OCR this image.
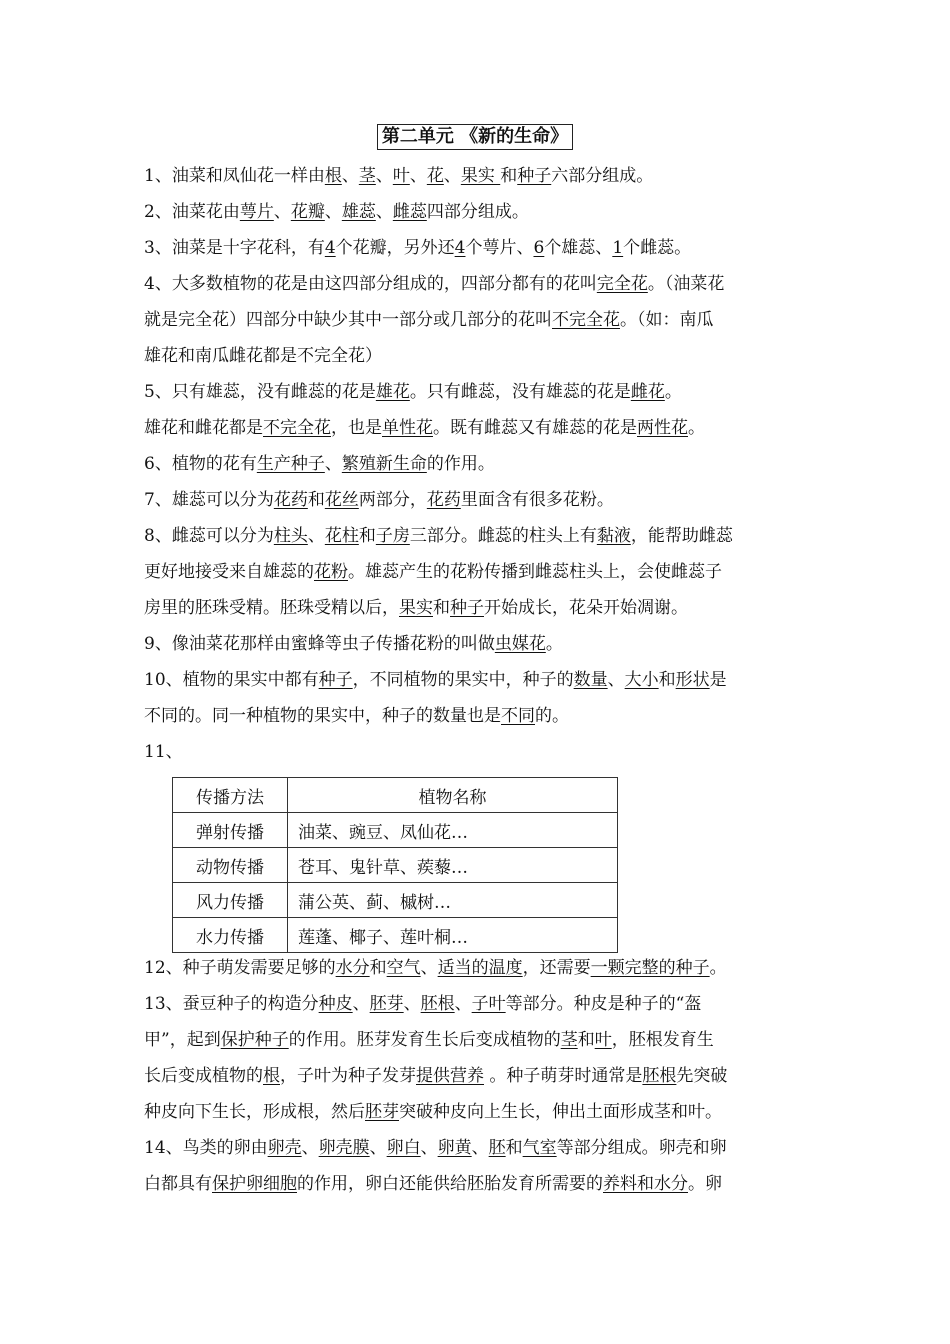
第二单元 《新的生命》
1、油菜和凤仙花一样由根、茎、叶、花、果实 和种子六部分组成。
2、油菜花由萼片、花瓣、雄蕊、雌蕊四部分组成。
3、油菜是十字花科，有4个花瓣，另外还4个萼片、6个雄蕊、1个雌蕊。
4、大多数植物的花是由这四部分组成的，四部分都有的花叫完全花。（油菜花
就是完全花）四部分中缺少其中一部分或几部分的花叫不完全花。（如：南瓜
雄花和南瓜雌花都是不完全花）
5、只有雄蕊，没有雌蕊的花是雄花。只有雌蕊，没有雄蕊的花是雌花。
雄花和雌花都是不完全花，也是单性花。既有雌蕊又有雄蕊的花是两性花。
6、植物的花有生产种子、繁殖新生命的作用。
7、雄蕊可以分为花药和花丝两部分，花药里面含有很多花粉。
8、雌蕊可以分为柱头、花柱和子房三部分。雌蕊的柱头上有黏液，能帮助雌蕊
更好地接受来自雄蕊的花粉。雄蕊产生的花粉传播到雌蕊柱头上，会使雌蕊子
房里的胚珠受精。胚珠受精以后，果实和种子开始成长，花朵开始凋谢。
9、像油菜花那样由蜜蜂等虫子传播花粉的叫做虫媒花。
10、植物的果实中都有种子，不同植物的果实中，种子的数量、大小和形状是
不同的。同一种植物的果实中，种子的数量也是不同的。
11、
12、种子萌发需要足够的水分和空气、适当的温度，还需要一颗完整的种子。
13、蚕豆种子的构造分种皮、胚芽、胚根、子叶等部分。种皮是种子的“盔
甲”，起到保护种子的作用。胚芽发育生长后变成植物的茎和叶，胚根发育生
长后变成植物的根，子叶为种子发芽提供营养 。种子萌芽时通常是胚根先突破
种皮向下生长，形成根，然后胚芽突破种皮向上生长，伸出土面形成茎和叶。
14、鸟类的卵由卵壳、卵壳膜、卵白、卵黄、胚和气室等部分组成。卵壳和卵
白都具有保护卵细胞的作用，卵白还能供给胚胎发育所需要的养料和水分。卵
传播方法	植物名称
弹射传播	油菜、豌豆、凤仙花…
动物传播	苍耳、鬼针草、蒺藜…
风力传播	蒲公英、蓟、槭树…
水力传播	莲蓬、椰子、莲叶桐…
